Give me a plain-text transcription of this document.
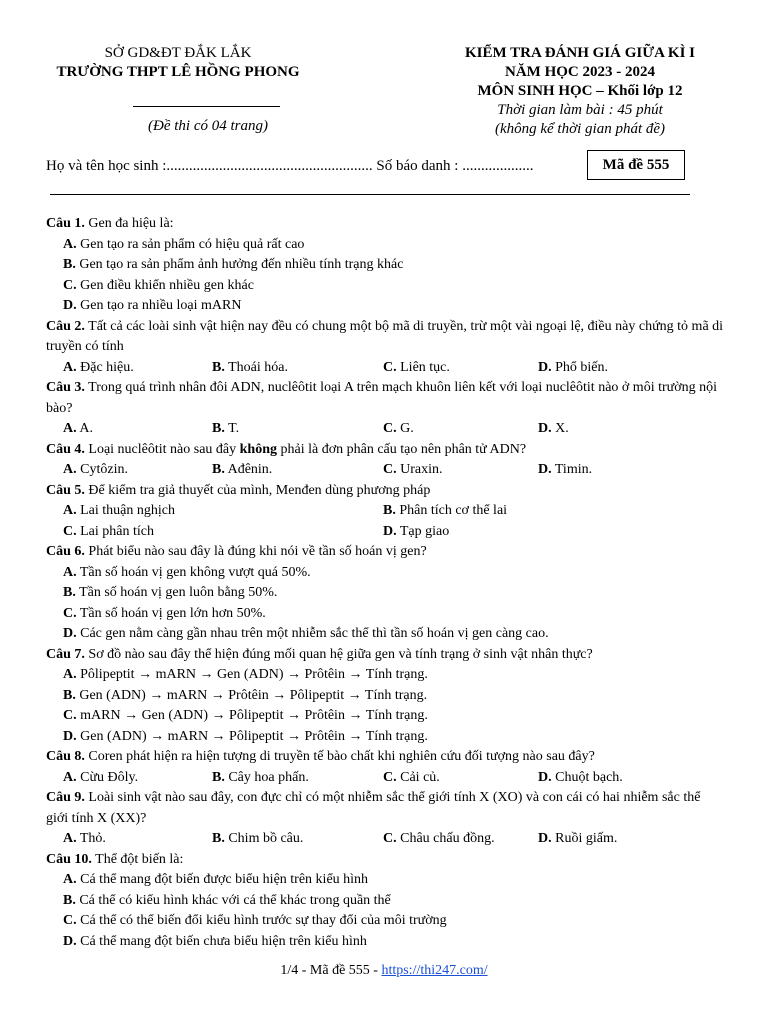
SỞ GD&ĐT ĐẮK LẮK
TRƯỜNG THPT LÊ HỒNG PHONG
(Đề thi có 04 trang)
KIỂM TRA ĐÁNH GIÁ GIỮA KÌ I
NĂM HỌC 2023 - 2024
MÔN SINH HỌC – Khối lớp 12
Thời gian làm bài : 45 phút
(không kể thời gian phát đề)
Họ và tên học sinh :....................................................... Số báo danh : ...................	Mã đề 555
Câu 1. Gen đa hiệu là:
A. Gen tạo ra sản phẩm có hiệu quả rất cao
B. Gen tạo ra sản phẩm ảnh hưởng đến nhiều tính trạng khác
C. Gen điều khiển nhiều gen khác
D. Gen tạo ra nhiều loại mARN
Câu 2. Tất cả các loài sinh vật hiện nay đều có chung một bộ mã di truyền, trừ một vài ngoại lệ, điều này chứng tỏ mã di truyền có tính
A. Đặc hiệu.	B. Thoái hóa.	C. Liên tục.	D. Phổ biến.
Câu 3. Trong quá trình nhân đôi ADN, nuclêôtit loại A trên mạch khuôn liên kết với loại nuclêôtit nào ở môi trường nội bào?
A. A.	B. T.	C. G.	D. X.
Câu 4. Loại nuclêôtit nào sau đây không phải là đơn phân cấu tạo nên phân tử ADN?
A. Cytôzin.	B. Ađênin.	C. Uraxin.	D. Timin.
Câu 5. Để kiểm tra giả thuyết của mình, Menđen dùng phương pháp
A. Lai thuận nghịch	B. Phân tích cơ thể lai
C. Lai phân tích	D. Tạp giao
Câu 6. Phát biểu nào sau đây là đúng khi nói về tần số hoán vị gen?
A. Tần số hoán vị gen không vượt quá 50%.
B. Tần số hoán vị gen luôn bằng 50%.
C. Tần số hoán vị gen lớn hơn 50%.
D. Các gen nằm càng gần nhau trên một nhiễm sắc thể thì tần số hoán vị gen càng cao.
Câu 7. Sơ đồ nào sau đây thể hiện đúng mối quan hệ giữa gen và tính trạng ở sinh vật nhân thực?
A. Pôlipeptit → mARN → Gen (ADN) → Prôtêin → Tính trạng.
B. Gen (ADN) → mARN → Prôtêin → Pôlipeptit → Tính trạng.
C. mARN → Gen (ADN) → Pôlipeptit → Prôtêin → Tính trạng.
D. Gen (ADN) → mARN → Pôlipeptit → Prôtêin → Tính trạng.
Câu 8. Coren phát hiện ra hiện tượng di truyền tế bào chất khi nghiên cứu đối tượng nào sau đây?
A. Cừu Đôly.	B. Cây hoa phấn.	C. Cải củ.	D. Chuột bạch.
Câu 9. Loài sinh vật nào sau đây, con đực chỉ có một nhiễm sắc thể giới tính X (XO) và con cái có hai nhiễm sắc thể giới tính X (XX)?
A. Thỏ.	B. Chim bồ câu.	C. Châu chấu đồng.	D. Ruồi giấm.
Câu 10. Thể đột biến là:
A. Cá thể mang đột biến được biểu hiện trên kiểu hình
B. Cá thể có kiểu hình khác với cá thể khác trong quần thể
C. Cá thể có thể biến đổi kiểu hình trước sự thay đổi của môi trường
D. Cá thể mang đột biến chưa biểu hiện trên kiểu hình
1/4 - Mã đề 555 - https://thi247.com/
